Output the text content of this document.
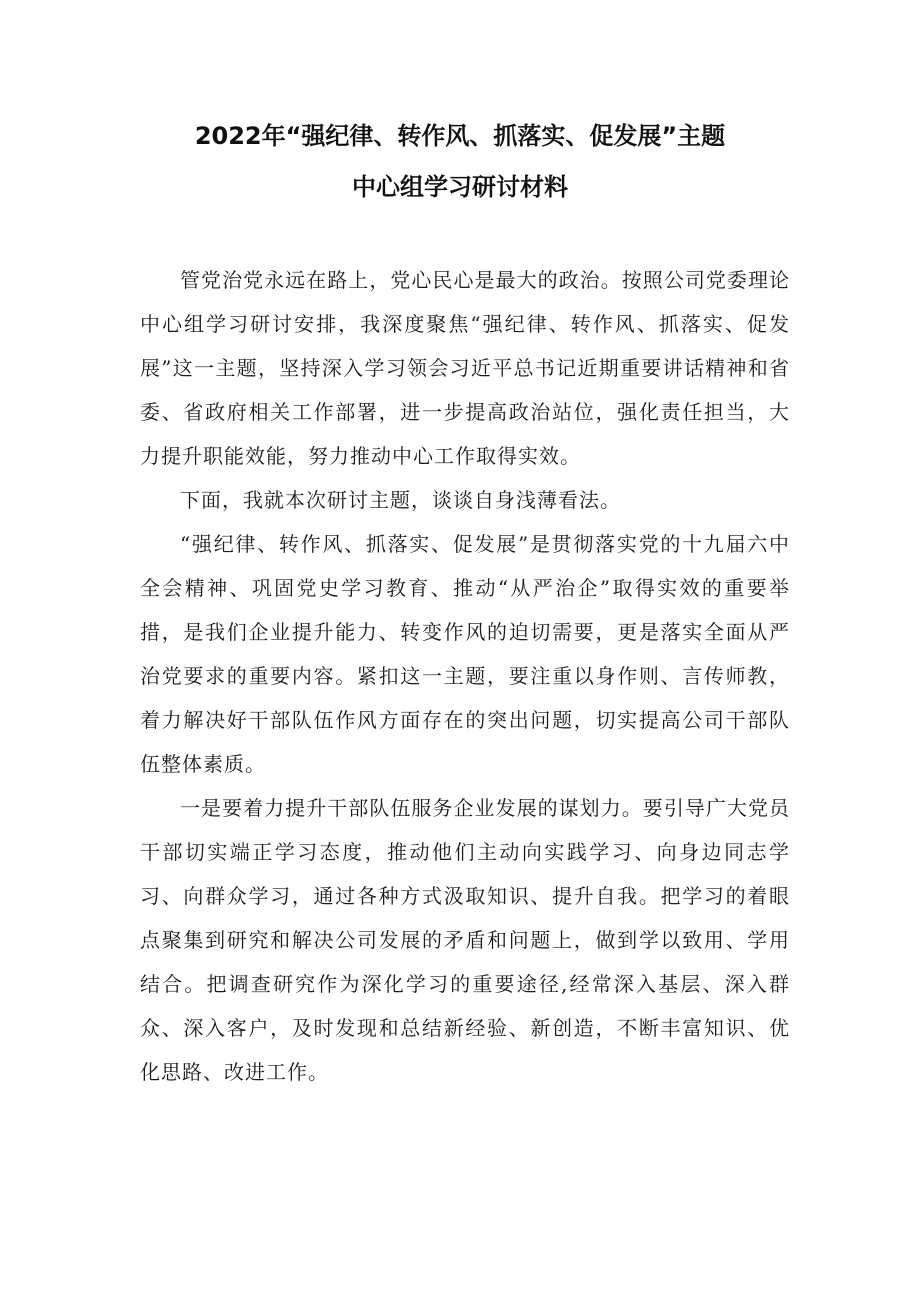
2022年“强纪律、转作风、抓落实、促发展”主题
中心组学习研讨材料

管党治党永远在路上，党心民心是最大的政治。按照公司党委理论中心组学习研讨安排，我深度聚焦“强纪律、转作风、抓落实、促发展”这一主题，坚持深入学习领会习近平总书记近期重要讲话精神和省委、省政府相关工作部署，进一步提高政治站位，强化责任担当，大力提升职能效能，努力推动中心工作取得实效。

下面，我就本次研讨主题，谈谈自身浅薄看法。

“强纪律、转作风、抓落实、促发展”是贯彻落实党的十九届六中全会精神、巩固党史学习教育、推动“从严治企”取得实效的重要举措，是我们企业提升能力、转变作风的迫切需要，更是落实全面从严治党要求的重要内容。紧扣这一主题，要注重以身作则、言传师教，着力解决好干部队伍作风方面存在的突出问题，切实提高公司干部队伍整体素质。

一是要着力提升干部队伍服务企业发展的谋划力。要引导广大党员干部切实端正学习态度，推动他们主动向实践学习、向身边同志学习、向群众学习，通过各种方式汲取知识、提升自我。把学习的着眼点聚集到研究和解决公司发展的矛盾和问题上，做到学以致用、学用结合。把调查研究作为深化学习的重要途径,经常深入基层、深入群众、深入客户，及时发现和总结新经验、新创造，不断丰富知识、优化思路、改进工作。
